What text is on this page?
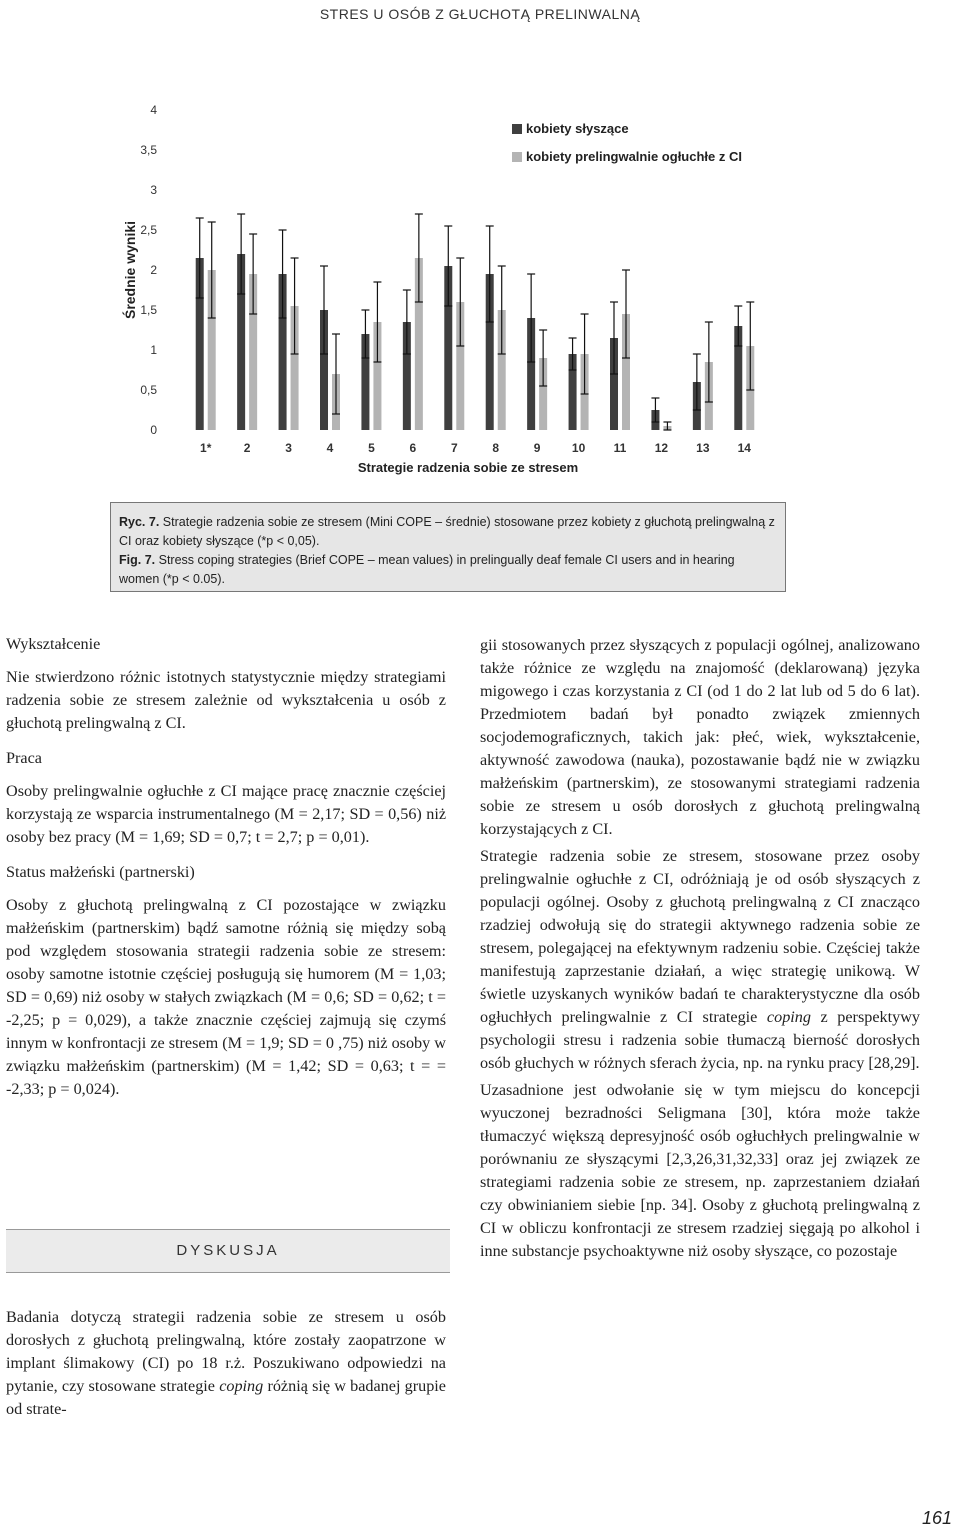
STRES U OSÓB Z GŁUCHOTĄ PRELINWALNĄ
0
0,5
1
1,5
2
2,5
3
3,5
4
1*	2	3	4	5	6	7	8	9	10 11 12 13 14
kobiety słyszące
kobiety prelingwalnie ogłuchłe z CI
Średnie wyniki
Strategie radzenia sobie ze stresem
Ryc. 7. Strategie radzenia sobie ze stresem (Mini COPE – średnie) stosowane przez kobiety z głuchotą prelingwalną z CI oraz kobiety słyszące (*p < 0,05).
Fig. 7. Stress coping strategies (Brief COPE – mean values) in prelingually deaf female CI users and in hearing women (*p < 0.05).

Wykształcenie

Nie stwierdzono różnic istotnych statystycznie między strategiami radzenia sobie ze stresem zależnie od wykształcenia u osób z głuchotą prelingwalną z CI.

Praca

Osoby prelingwalnie ogłuchłe z CI mające pracę znacznie częściej korzystają ze wsparcia instrumentalnego (M = 2,17; SD = 0,56) niż osoby bez pracy (M = 1,69; SD = 0,7; t = 2,7; p = 0,01).

Status małżeński (partnerski)

Osoby z głuchotą prelingwalną z CI pozostające w związku małżeńskim (partnerskim) bądź samotne różnią się między sobą pod względem stosowania strategii radzenia sobie ze stresem: osoby samotne istotnie częściej posługują się humorem (M = 1,03; SD = 0,69) niż osoby w stałych związkach (M = 0,6; SD = 0,62; t = -2,25; p = 0,029), a także znacznie częściej zajmują się czymś innym w konfrontacji ze stresem (M = 1,9; SD = 0 ,75) niż osoby w związku małżeńskim (partnerskim) (M = 1,42; SD = 0,63; t = = -2,33; p = 0,024).

DYSKUSJA

Badania dotyczą strategii radzenia sobie ze stresem u osób dorosłych z głuchotą prelingwalną, które zostały zaopatrzone w implant ślimakowy (CI) po 18 r.ż. Poszukiwano odpowiedzi na pytanie, czy stosowane strategie coping różnią się w badanej grupie od strate-

gii stosowanych przez słyszących z populacji ogólnej, analizowano także różnice ze względu na znajomość (deklarowaną) języka migowego i czas korzystania z CI (od 1 do 2 lat lub od 5 do 6 lat). Przedmiotem badań był ponadto związek zmiennych socjodemograficznych, takich jak: płeć, wiek, wykształcenie, aktywność zawodowa (nauka), pozostawanie bądź nie w związku małżeńskim (partnerskim), ze stosowanymi strategiami radzenia sobie ze stresem u osób dorosłych z głuchotą prelingwalną korzystających z CI.

Strategie radzenia sobie ze stresem, stosowane przez osoby prelingwalnie ogłuchłe z CI, odróżniają je od osób słyszących z populacji ogólnej. Osoby z głuchotą prelingwalną z CI znacząco rzadziej odwołują się do strategii aktywnego radzenia sobie ze stresem, polegającej na efektywnym radzeniu sobie. Częściej także manifestują zaprzestanie działań, a więc strategię unikową. W świetle uzyskanych wyników badań te charakterystyczne dla osób ogłuchłych prelingwalnie z CI strategie coping z perspektywy psychologii stresu i radzenia sobie tłumaczą bierność dorosłych osób głuchych w różnych sferach życia, np. na rynku pracy [28,29].

Uzasadnione jest odwołanie się w tym miejscu do koncepcji wyuczonej bezradności Seligmana [30], która może także tłumaczyć większą depresyjność osób ogłuchłych prelingwalnie w porównaniu ze słyszącymi [2,3,26,31,32,33] oraz jej związek ze strategiami radzenia sobie ze stresem, np. zaprzestaniem działań czy obwinianiem siebie [np. 34]. Osoby z głuchotą prelingwalną z CI w obliczu konfrontacji ze stresem rzadziej sięgają po alkohol i inne substancje psychoaktywne niż osoby słyszące, co pozostaje

161
